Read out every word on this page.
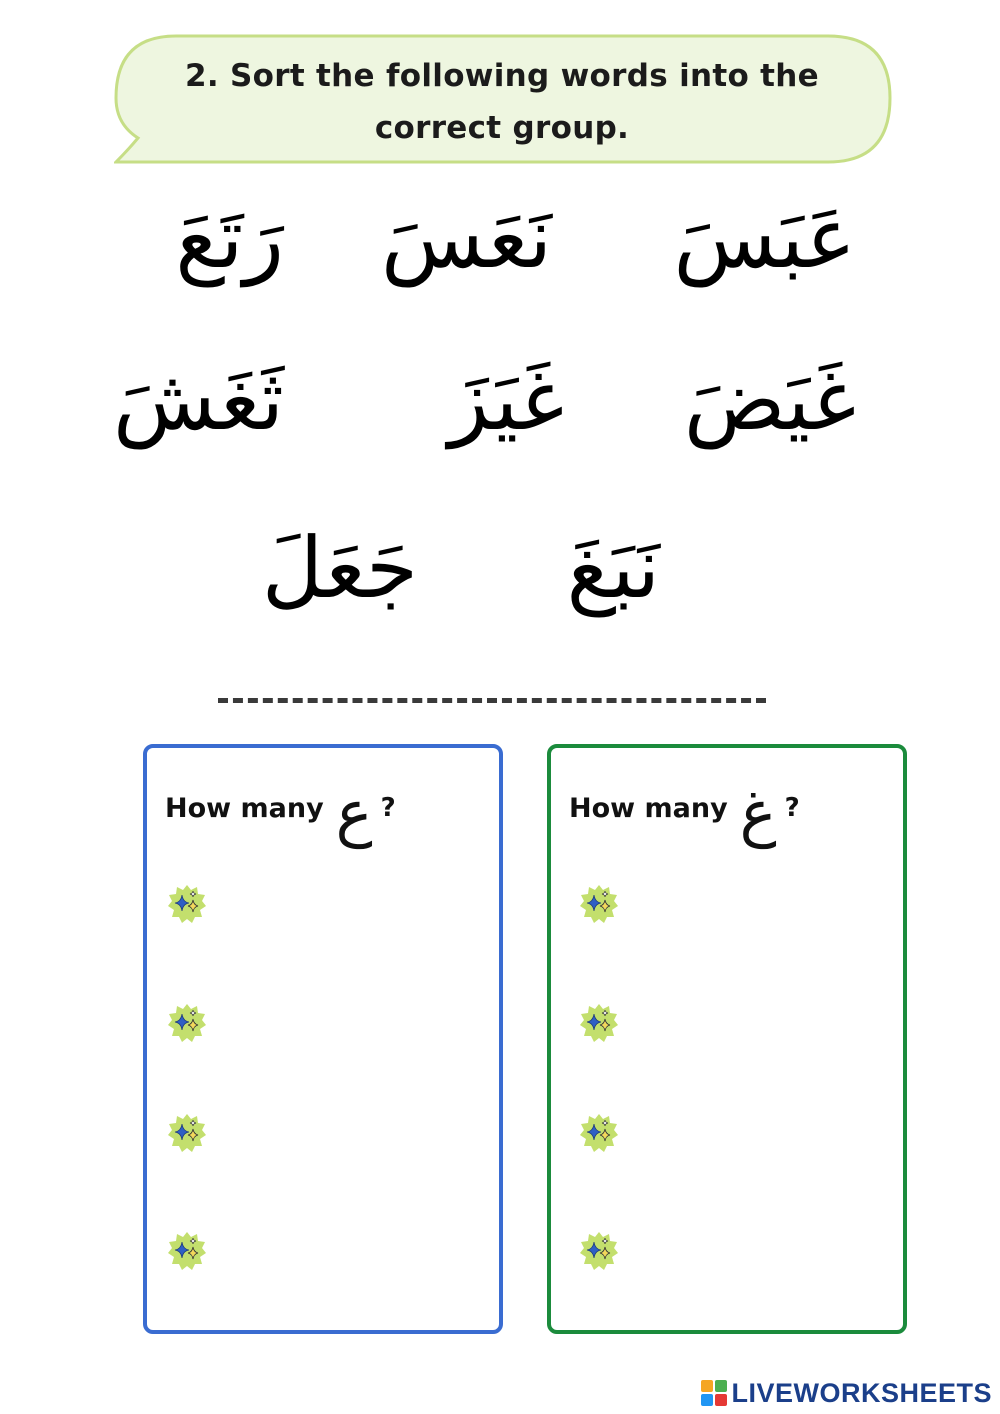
2. Sort the following words into the
correct group.
عَبَسَ
نَعَسَ
رَتَعَ
غَيَضَ
غَيَزَ
ثَغَشَ
نَبَغَ
جَعَلَ
How many ع ?	How many غ ?
LIVEWORKSHEETS
